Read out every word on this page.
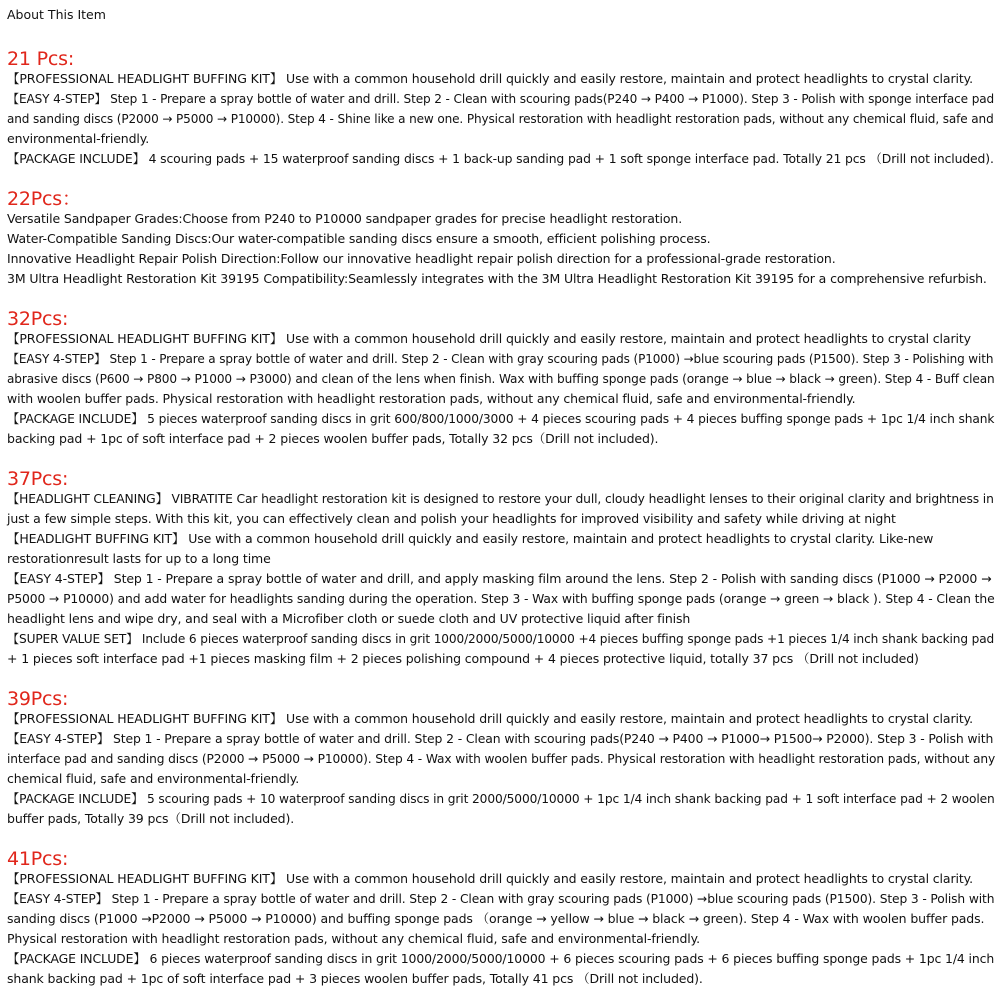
About This Item
21 Pcs:
【PROFESSIONAL HEADLIGHT BUFFING KIT】 Use with a common household drill quickly and easily restore, maintain and protect headlights to crystal clarity.
【EASY 4-STEP】 Step 1 - Prepare a spray bottle of water and drill. Step 2 - Clean with scouring pads(P240 → P400 → P1000). Step 3 - Polish with sponge interface pad
and sanding discs (P2000 → P5000 → P10000). Step 4 - Shine like a new one. Physical restoration with headlight restoration pads, without any chemical fluid, safe and
environmental-friendly.
【PACKAGE INCLUDE】 4 scouring pads + 15 waterproof sanding discs + 1 back-up sanding pad + 1 soft sponge interface pad. Totally 21 pcs （Drill not included).
22Pcs：
Versatile Sandpaper Grades:Choose from P240 to P10000 sandpaper grades for precise headlight restoration.
Water-Compatible Sanding Discs:Our water-compatible sanding discs ensure a smooth, efficient polishing process.
Innovative Headlight Repair Polish Direction:Follow our innovative headlight repair polish direction for a professional-grade restoration.
3M Ultra Headlight Restoration Kit 39195 Compatibility:Seamlessly integrates with the 3M Ultra Headlight Restoration Kit 39195 for a comprehensive refurbish.
32Pcs:
【PROFESSIONAL HEADLIGHT BUFFING KIT】 Use with a common household drill quickly and easily restore, maintain and protect headlights to crystal clarity
【EASY 4-STEP】 Step 1 - Prepare a spray bottle of water and drill. Step 2 - Clean with gray scouring pads (P1000) →blue scouring pads (P1500). Step 3 - Polishing with
abrasive discs (P600 → P800 → P1000 → P3000) and clean of the lens when finish. Wax with buffing sponge pads (orange → blue → black → green). Step 4 - Buff clean
with woolen buffer pads. Physical restoration with headlight restoration pads, without any chemical fluid, safe and environmental-friendly.
【PACKAGE INCLUDE】 5 pieces waterproof sanding discs in grit 600/800/1000/3000 + 4 pieces scouring pads + 4 pieces buffing sponge pads + 1pc 1/4 inch shank
backing pad + 1pc of soft interface pad + 2 pieces woolen buffer pads, Totally 32 pcs（Drill not included).
37Pcs:
【HEADLIGHT CLEANING】 VIBRATITE Car headlight restoration kit is designed to restore your dull, cloudy headlight lenses to their original clarity and brightness in
just a few simple steps. With this kit, you can effectively clean and polish your headlights for improved visibility and safety while driving at night
【HEADLIGHT BUFFING KIT】 Use with a common household drill quickly and easily restore, maintain and protect headlights to crystal clarity. Like-new
restorationresult lasts for up to a long time
【EASY 4-STEP】 Step 1 - Prepare a spray bottle of water and drill, and apply masking film around the lens. Step 2 - Polish with sanding discs (P1000 → P2000 →
P5000 → P10000) and add water for headlights sanding during the operation. Step 3 - Wax with buffing sponge pads (orange → green → black ). Step 4 - Clean the
headlight lens and wipe dry, and seal with a Microfiber cloth or suede cloth and UV protective liquid after finish
【SUPER VALUE SET】 Include 6 pieces waterproof sanding discs in grit 1000/2000/5000/10000 +4 pieces buffing sponge pads +1 pieces 1/4 inch shank backing pad
+ 1 pieces soft interface pad +1 pieces masking film + 2 pieces polishing compound + 4 pieces protective liquid, totally 37 pcs （Drill not included)
39Pcs:
【PROFESSIONAL HEADLIGHT BUFFING KIT】 Use with a common household drill quickly and easily restore, maintain and protect headlights to crystal clarity.
【EASY 4-STEP】 Step 1 - Prepare a spray bottle of water and drill. Step 2 - Clean with scouring pads(P240 → P400 → P1000→ P1500→ P2000). Step 3 - Polish with
interface pad and sanding discs (P2000 → P5000 → P10000). Step 4 - Wax with woolen buffer pads. Physical restoration with headlight restoration pads, without any
chemical fluid, safe and environmental-friendly.
【PACKAGE INCLUDE】 5 scouring pads + 10 waterproof sanding discs in grit 2000/5000/10000 + 1pc 1/4 inch shank backing pad + 1 soft interface pad + 2 woolen
buffer pads, Totally 39 pcs（Drill not included).
41Pcs:
【PROFESSIONAL HEADLIGHT BUFFING KIT】 Use with a common household drill quickly and easily restore, maintain and protect headlights to crystal clarity.
【EASY 4-STEP】 Step 1 - Prepare a spray bottle of water and drill. Step 2 - Clean with gray scouring pads (P1000) →blue scouring pads (P1500). Step 3 - Polish with
sanding discs (P1000 →P2000 → P5000 → P10000) and buffing sponge pads （orange → yellow → blue → black → green). Step 4 - Wax with woolen buffer pads.
Physical restoration with headlight restoration pads, without any chemical fluid, safe and environmental-friendly.
【PACKAGE INCLUDE】 6 pieces waterproof sanding discs in grit 1000/2000/5000/10000 + 6 pieces scouring pads + 6 pieces buffing sponge pads + 1pc 1/4 inch
shank backing pad + 1pc of soft interface pad + 3 pieces woolen buffer pads, Totally 41 pcs （Drill not included).
